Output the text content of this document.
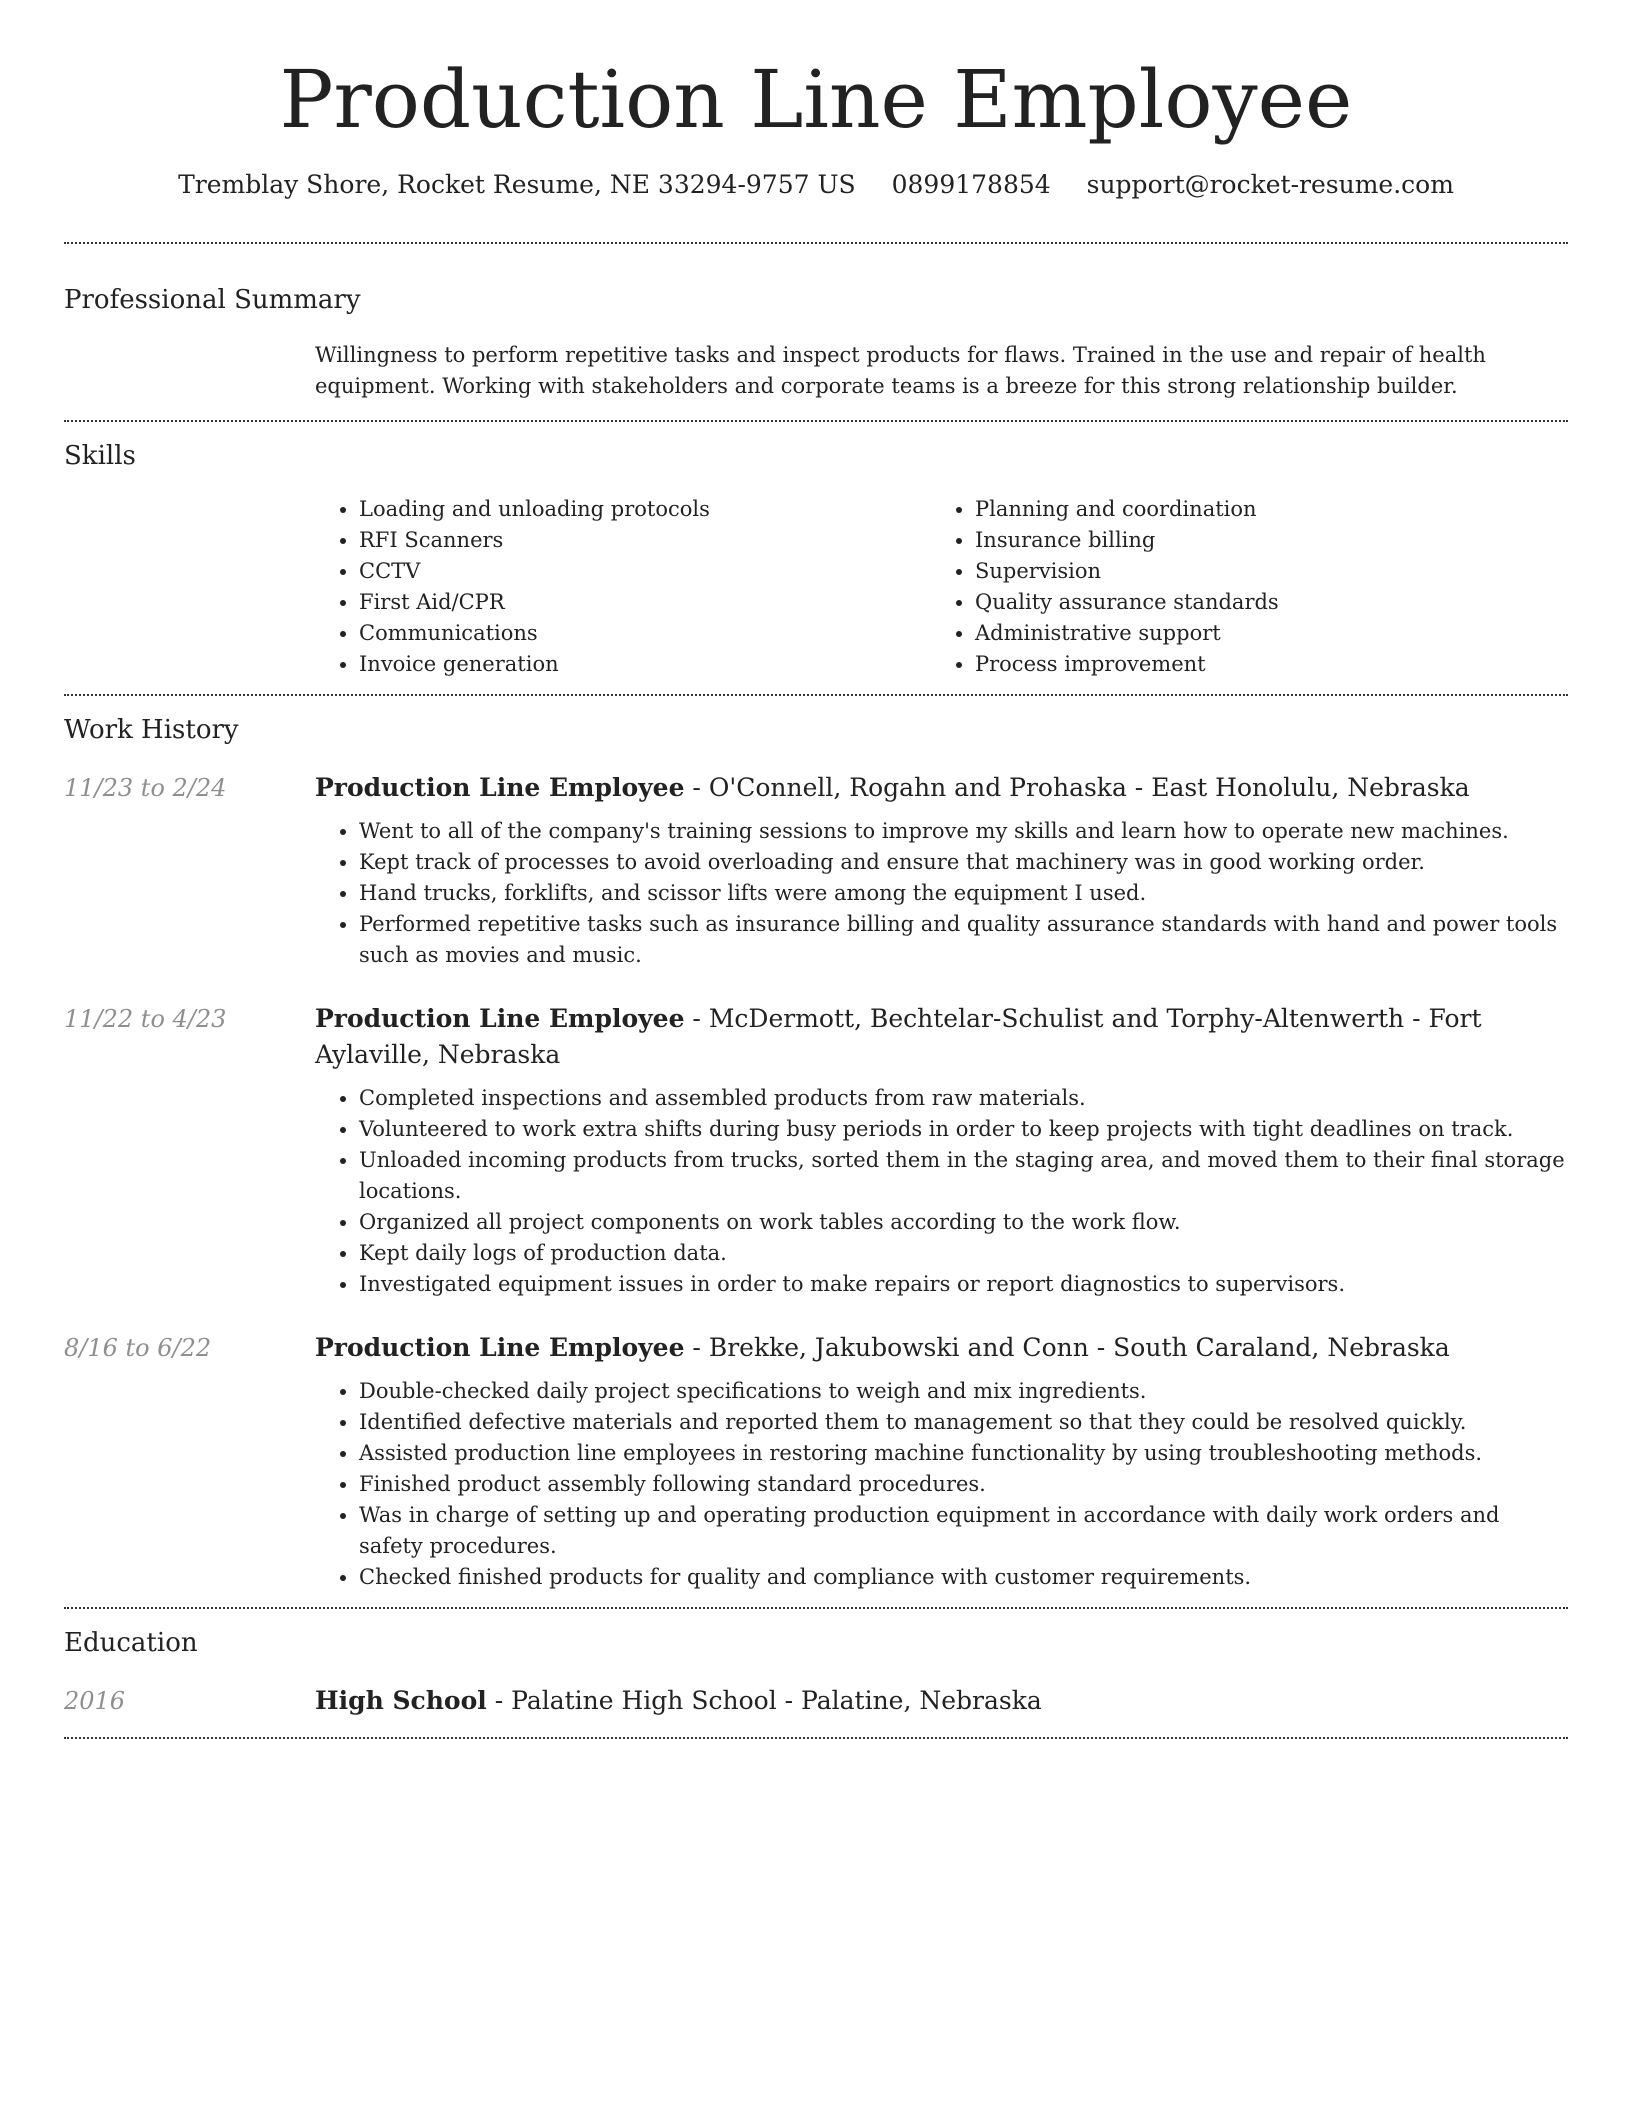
Production Line Employee
Tremblay Shore, Rocket Resume, NE 33294-9757 US 0899178854 support@rocket-resume.com
Professional Summary

Willingness to perform repetitive tasks and inspect products for flaws. Trained in the use and repair of health equipment. Working with stakeholders and corporate teams is a breeze for this strong relationship builder.

Skills
• Loading and unloading protocols
• RFI Scanners
• CCTV
• First Aid/CPR
• Communications
• Invoice generation
• Planning and coordination
• Insurance billing
• Supervision
• Quality assurance standards
• Administrative support
• Process improvement
Work History
11/23 to 2/24	Production Line Employee - O'Connell, Rogahn and Prohaska - East Honolulu, Nebraska
• Went to all of the company's training sessions to improve my skills and learn how to operate new machines.
• Kept track of processes to avoid overloading and ensure that machinery was in good working order.
• Hand trucks, forklifts, and scissor lifts were among the equipment I used.
• Performed repetitive tasks such as insurance billing and quality assurance standards with hand and power tools such as movies and music.
11/22 to 4/23	Production Line Employee - McDermott, Bechtelar-Schulist and Torphy-Altenwerth - Fort Aylaville, Nebraska
• Completed inspections and assembled products from raw materials.
• Volunteered to work extra shifts during busy periods in order to keep projects with tight deadlines on track.
• Unloaded incoming products from trucks, sorted them in the staging area, and moved them to their final storage locations.
• Organized all project components on work tables according to the work flow.
• Kept daily logs of production data.
• Investigated equipment issues in order to make repairs or report diagnostics to supervisors.
8/16 to 6/22	Production Line Employee - Brekke, Jakubowski and Conn - South Caraland, Nebraska
• Double-checked daily project specifications to weigh and mix ingredients.
• Identified defective materials and reported them to management so that they could be resolved quickly.
• Assisted production line employees in restoring machine functionality by using troubleshooting methods.
• Finished product assembly following standard procedures.
• Was in charge of setting up and operating production equipment in accordance with daily work orders and safety procedures.
• Checked finished products for quality and compliance with customer requirements.
Education
2016	High School - Palatine High School - Palatine, Nebraska
